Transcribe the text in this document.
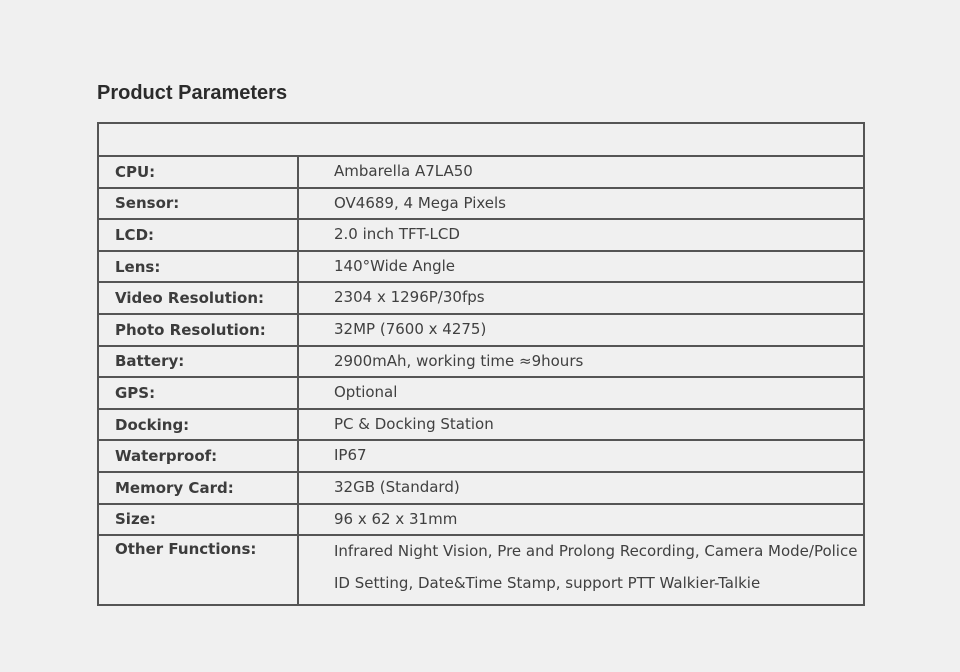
Product Parameters
CPU:	Ambarella A7LA50
Sensor:	OV4689, 4 Mega Pixels
LCD:	2.0 inch TFT-LCD
Lens:	140°Wide Angle
Video Resolution:	2304 x 1296P/30fps
Photo Resolution:	32MP (7600 x 4275)
Battery:	2900mAh, working time ≈9hours
GPS:	Optional
Docking:	PC & Docking Station
Waterproof:	IP67
Memory Card:	32GB (Standard)
Size:	96 x 62 x 31mm
Other Functions:	Infrared Night Vision, Pre and Prolong Recording, Camera Mode/Police
ID Setting, Date&Time Stamp, support PTT Walkier-Talkie
